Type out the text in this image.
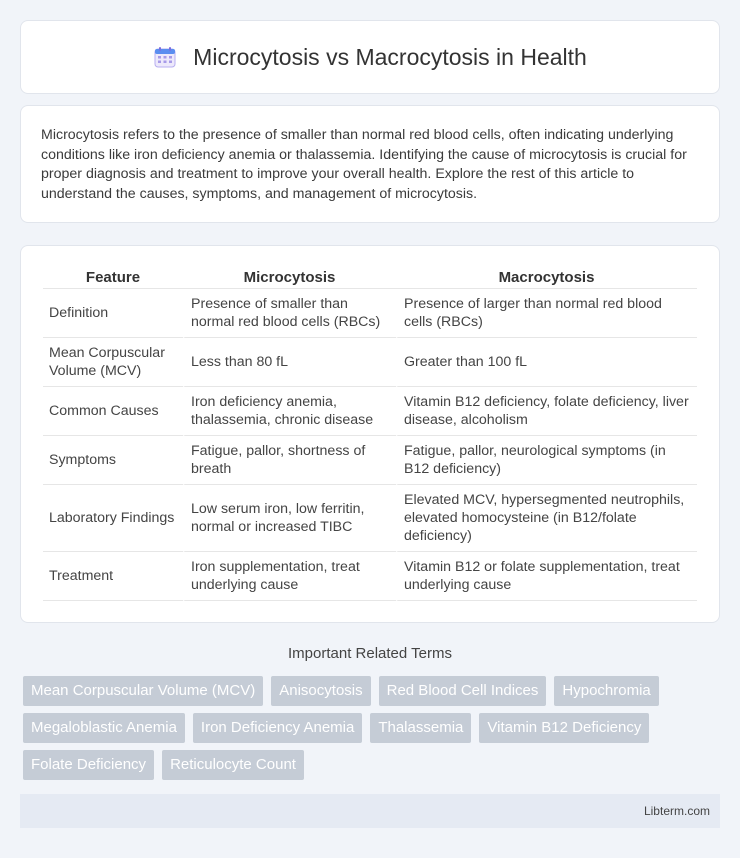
Microcytosis vs Macrocytosis in Health

Microcytosis refers to the presence of smaller than normal red blood cells, often indicating underlying conditions like iron deficiency anemia or thalassemia. Identifying the cause of microcytosis is crucial for proper diagnosis and treatment to improve your overall health. Explore the rest of this article to understand the causes, symptoms, and management of microcytosis.

Feature	Microcytosis	Macrocytosis
Definition	Presence of smaller than normal red blood cells (RBCs)	Presence of larger than normal red blood cells (RBCs)
Mean Corpuscular Volume (MCV)	Less than 80 fL	Greater than 100 fL
Common Causes	Iron deficiency anemia, thalassemia, chronic disease	Vitamin B12 deficiency, folate deficiency, liver disease, alcoholism
Symptoms	Fatigue, pallor, shortness of breath	Fatigue, pallor, neurological symptoms (in B12 deficiency)
Laboratory Findings	Low serum iron, low ferritin, normal or increased TIBC	Elevated MCV, hypersegmented neutrophils, elevated homocysteine (in B12/folate deficiency)
Treatment	Iron supplementation, treat underlying cause	Vitamin B12 or folate supplementation, treat underlying cause
Important Related Terms
Mean Corpuscular Volume (MCV)	Anisocytosis	Red Blood Cell Indices	Hypochromia
Megaloblastic Anemia	Iron Deficiency Anemia	Thalassemia	Vitamin B12 Deficiency
Folate Deficiency	Reticulocyte Count
Libterm.com
